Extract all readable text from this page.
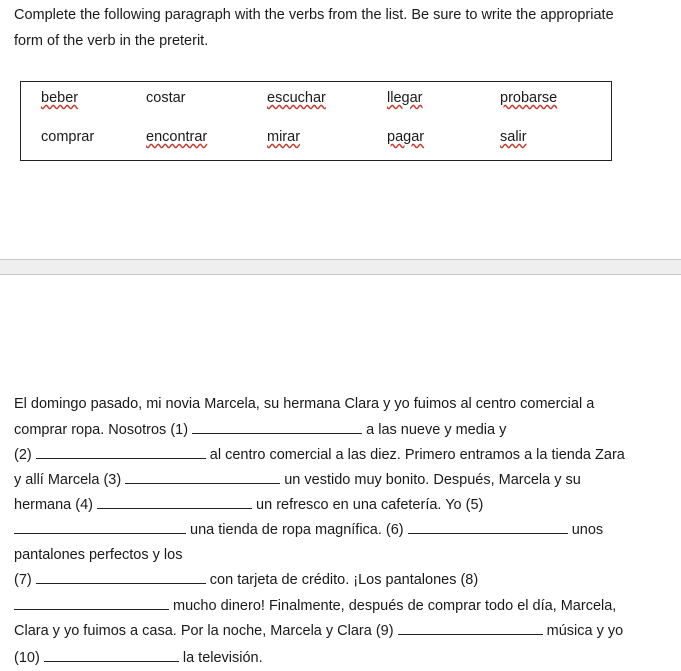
Complete the following paragraph with the verbs from the list. Be sure to write the appropriate
form of the verb in the preterit.
beber	costar	escuchar	llegar	probarse
comprar	encontrar	mirar	pagar	salir
El domingo pasado, mi novia Marcela, su hermana Clara y yo fuimos al centro comercial a
comprar ropa. Nosotros (1)	a las nueve y media y
(2)	al centro comercial a las diez. Primero entramos a la tienda Zara
y allí Marcela (3)	un vestido muy bonito. Después, Marcela y su
hermana (4)	un refresco en una cafetería. Yo (5)
una tienda de ropa magnífica. (6)	unos
pantalones perfectos y los
(7)	con tarjeta de crédito. ¡Los pantalones (8)
mucho dinero! Finalmente, después de comprar todo el día, Marcela,
Clara y yo fuimos a casa. Por la noche, Marcela y Clara (9)	música y yo
(10)	la televisión.
